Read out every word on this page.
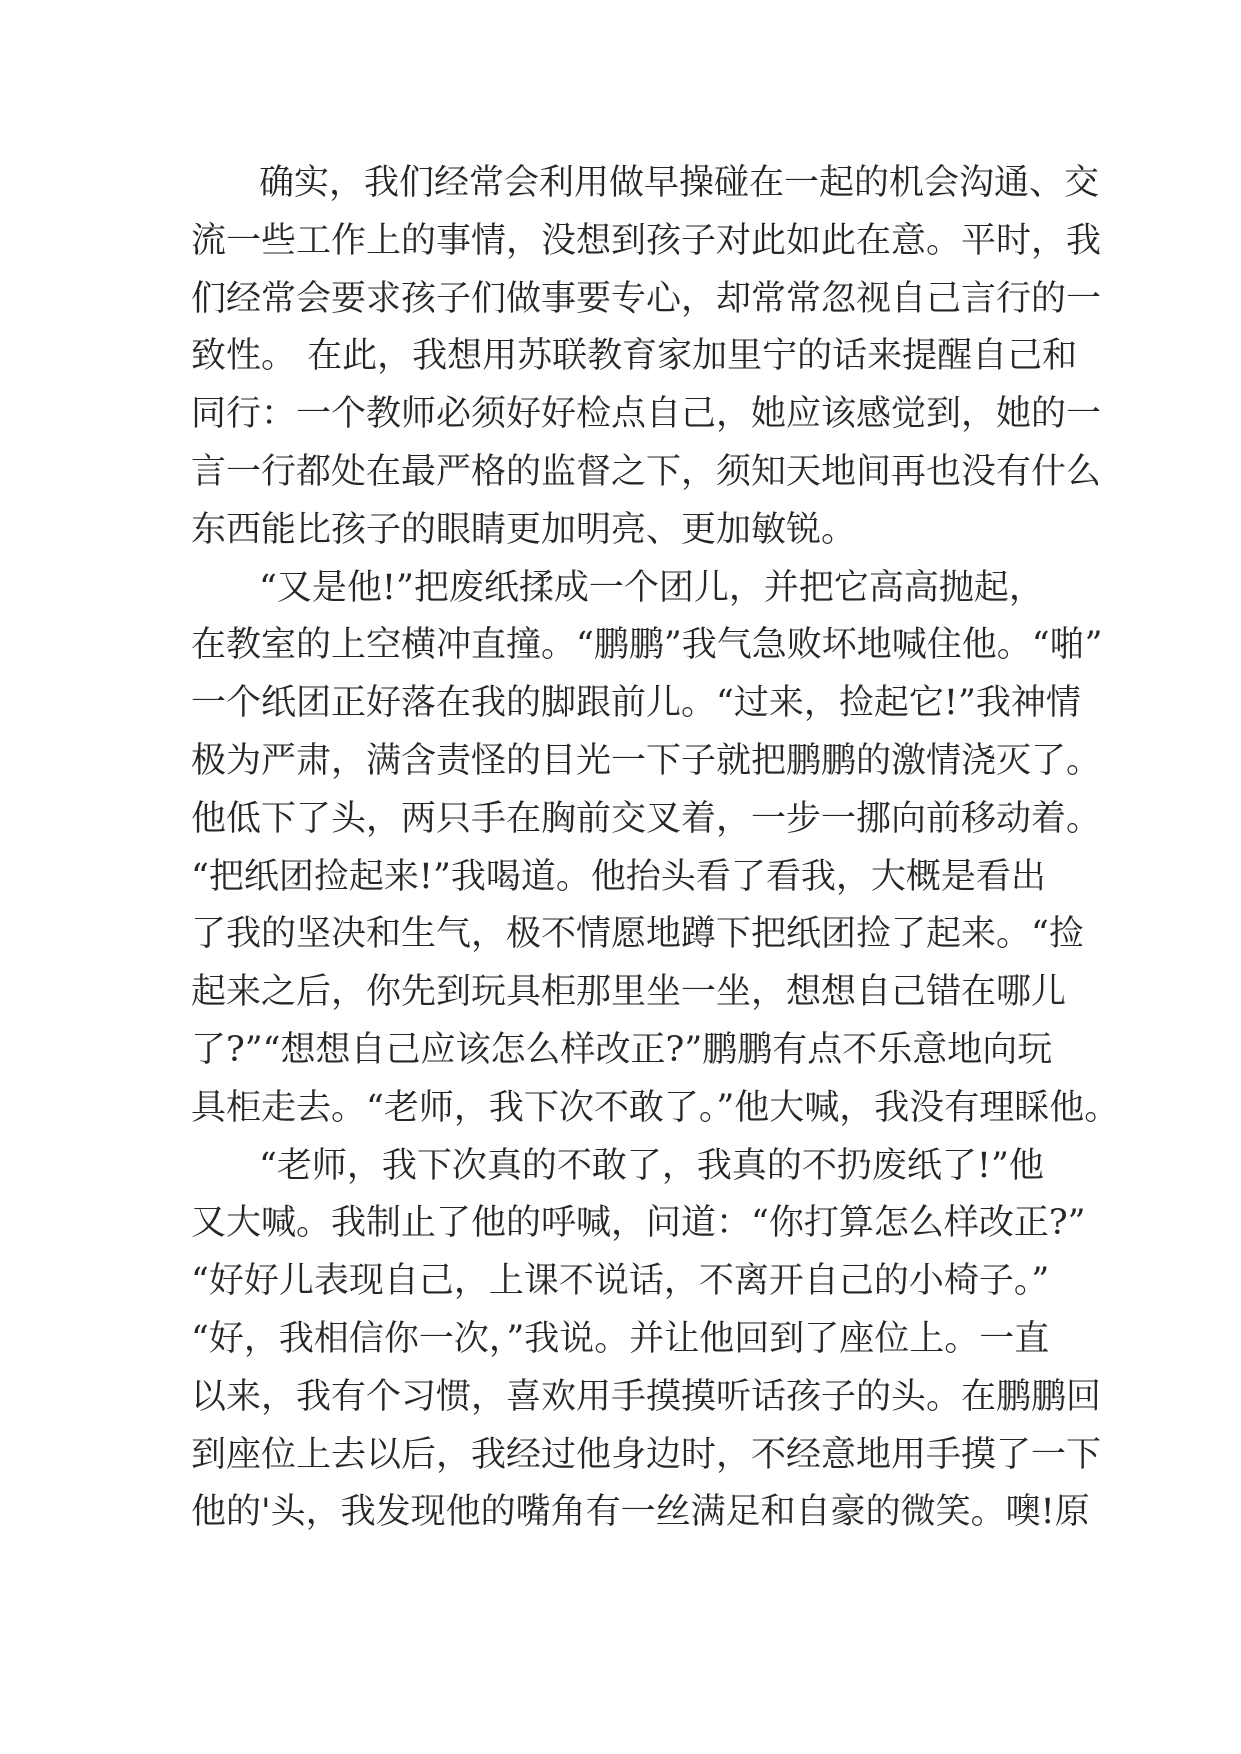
确实，我们经常会利用做早操碰在一起的机会沟通、交
流一些工作上的事情，没想到孩子对此如此在意。平时，我
们经常会要求孩子们做事要专心，却常常忽视自己言行的一
致性。 在此，我想用苏联教育家加里宁的话来提醒自己和
同行：一个教师必须好好检点自己，她应该感觉到，她的一
言一行都处在最严格的监督之下，须知天地间再也没有什么
东西能比孩子的眼睛更加明亮、更加敏锐。
“又是他!”把废纸揉成一个团儿，并把它高高抛起，
在教室的上空横冲直撞。“鹏鹏”我气急败坏地喊住他。“啪”
一个纸团正好落在我的脚跟前儿。“过来，捡起它!”我神情
极为严肃，满含责怪的目光一下子就把鹏鹏的激情浇灭了。
他低下了头，两只手在胸前交叉着，一步一挪向前移动着。
“把纸团捡起来!”我喝道。他抬头看了看我，大概是看出
了我的坚决和生气，极不情愿地蹲下把纸团捡了起来。“捡
起来之后，你先到玩具柜那里坐一坐，想想自己错在哪儿
了?”“想想自己应该怎么样改正?”鹏鹏有点不乐意地向玩
具柜走去。“老师，我下次不敢了。”他大喊，我没有理睬他。
“老师，我下次真的不敢了，我真的不扔废纸了!”他
又大喊。我制止了他的呼喊，问道：“你打算怎么样改正?”
“好好儿表现自己，上课不说话，不离开自己的小椅子。”
“好，我相信你一次，”我说。并让他回到了座位上。一直
以来，我有个习惯，喜欢用手摸摸听话孩子的头。在鹏鹏回
到座位上去以后，我经过他身边时，不经意地用手摸了一下
他的'头，我发现他的嘴角有一丝满足和自豪的微笑。噢!原
